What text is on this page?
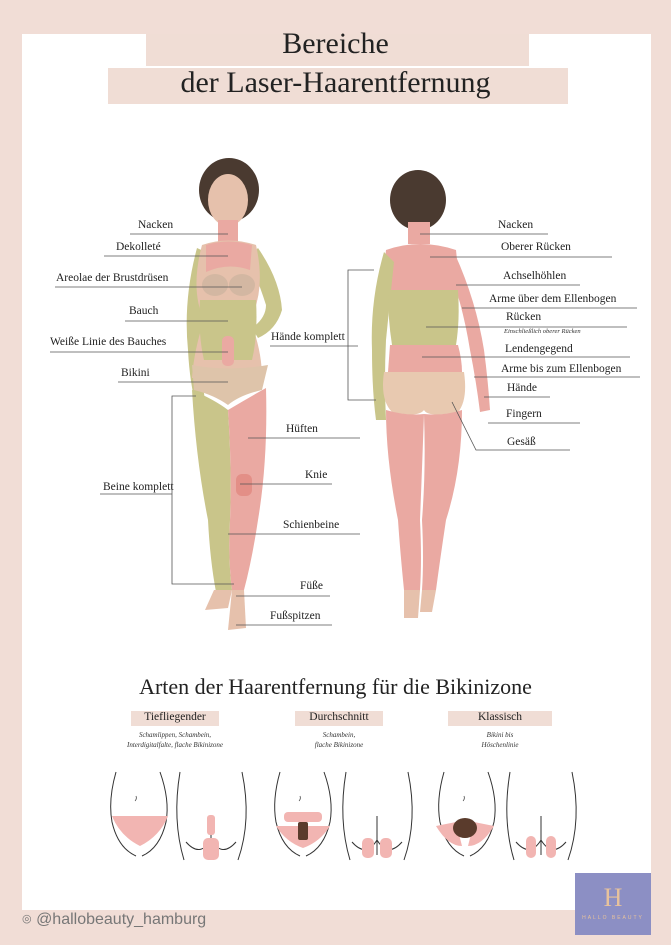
Bereiche
der Laser-Haarentfernung
Nacken
Dekolleté
Areolae der Brustdrüsen
Bauch
Weiße Linie des Bauches
Bikini
Hände komplett
Hüften
Knie
Beine komplett
Schienbeine
Füße
Fußspitzen
Nacken
Oberer Rücken
Achselhöhlen
Arme über dem Ellenbogen
Rücken
Einschließlich oberer Rücken
Lendengegend
Arme bis zum Ellenbogen
Hände
Fingern
Gesäß
Arten der Haarentfernung für die Bikinizone
Tiefliegender
Schamlippen, Schambein,
Interdigitalfalte, flache Bikinizone
Durchschnitt
Schambein,
flache Bikinizone
Klassisch
Bikini bis
Höschenlinie
◎ @hallobeauty_hamburg
H
HALLO BEAUTY
